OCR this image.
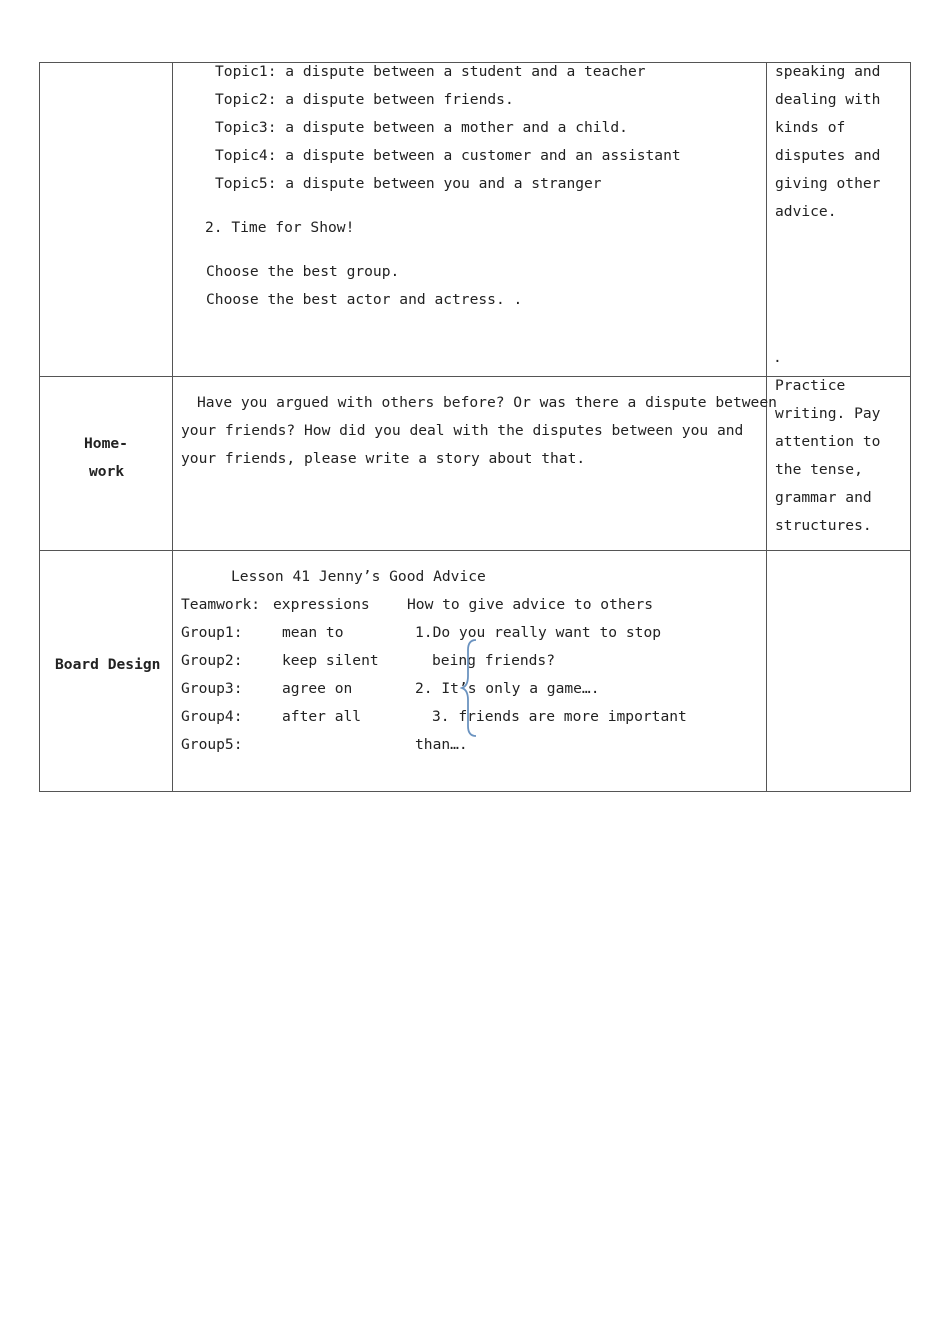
Topic1: a dispute between a student and a teacher
Topic2: a dispute between friends.
Topic3: a dispute between a mother and a child.
Topic4: a dispute between a customer and an assistant
Topic5: a dispute between you and a stranger
2. Time for Show!
Choose the best group.
Choose the best actor and actress. .
speaking and
dealing with
kinds of
disputes and
giving other
advice.
.
Home-
work
Have you argued with others before? Or was there a dispute between
your friends? How did you deal with the disputes between you and
your friends, please write a story about that.
Practice
writing. Pay
attention to
the tense,
grammar and
structures.
Board Design
Lesson 41 Jenny’s Good Advice
Teamwork: expressions	How to give advice to others
Group1:
Group2:
Group3:
Group4:
Group5:
mean to
keep silent
agree on
after all
1.Do you really want to stop
being friends?
2. It’s only a game….
3. friends are more important
than….
